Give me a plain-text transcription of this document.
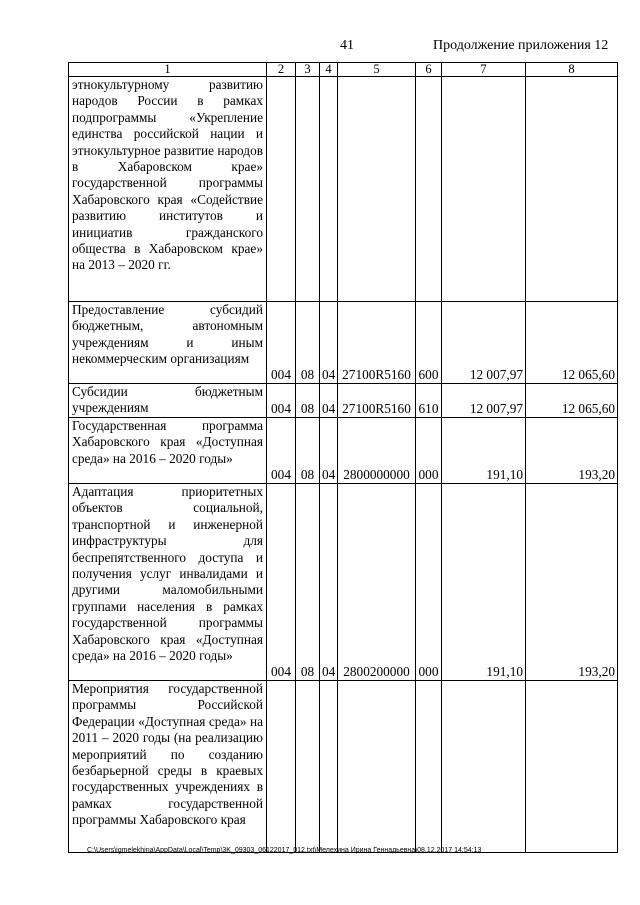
41	Продолжение приложения 12
1	2	3	4	5	6	7	8
этнокультурному развитию народов России в рамках подпрограммы «Укрепление единства российской нации и этнокультурное развитие народов в Хабаровском крае» государственной программы Хабаровского края «Содействие развитию институтов и инициатив гражданского общества в Хабаровском крае» на 2013 – 2020 гг.							
Предоставление субсидий бюджетным, автономным учреждениям и иным некоммерческим организациям	004	08	04	27100R5160	600	12 007,97	12 065,60
Субсидии бюджетным учреждениям	004	08	04	27100R5160	610	12 007,97	12 065,60
Государственная программа Хабаровского края «Доступная среда» на 2016 – 2020 годы»	004	08	04	2800000000	000	191,10	193,20
Адаптация приоритетных объектов социальной, транспортной и инженерной инфраструктуры для беспрепятственного доступа и получения услуг инвалидами и другими маломобильными группами населения в рамках государственной программы Хабаровского края «Доступная среда» на 2016 – 2020 годы»	004	08	04	2800200000	000	191,10	193,20
Мероприятия государственной программы Российской Федерации «Доступная среда» на 2011 – 2020 годы (на реализацию мероприятий по созданию безбарьерной среды в краевых государственных учреждениях в рамках государственной программы Хабаровского края							
C:\Users\igmelekhina\AppData\Local\Temp\3K_09303_06122017_012.txt\Мелехина Ирина Геннадьевна\08.12.2017 14:54:13
